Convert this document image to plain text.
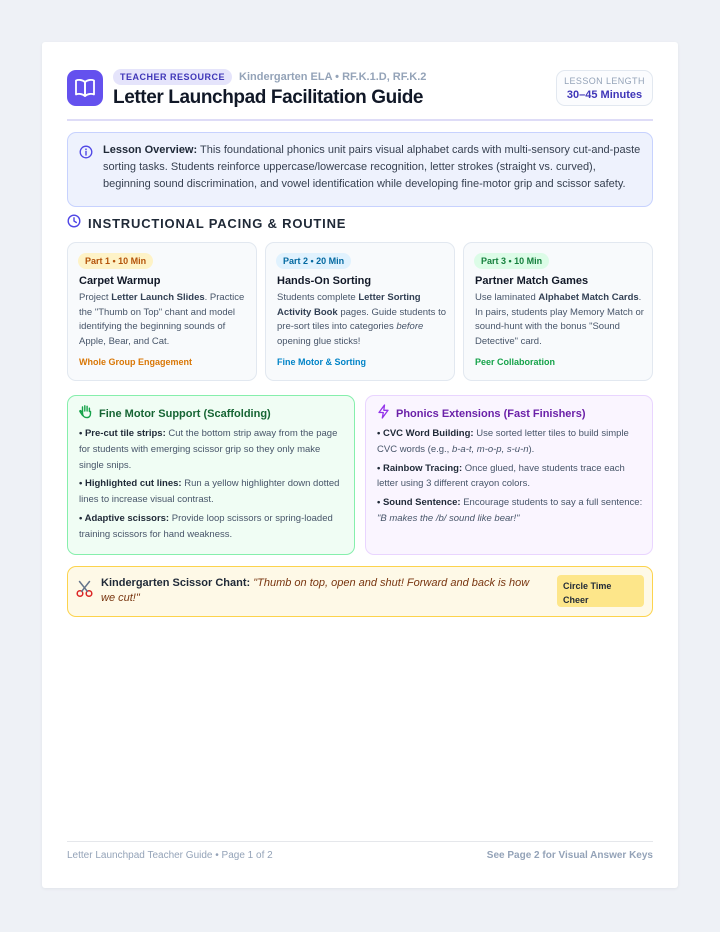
TEACHER RESOURCE	Kindergarten ELA • RF.K.1.D, RF.K.2
Letter Launchpad Facilitation Guide
LESSON LENGTH
30–45 Minutes
Lesson Overview: This foundational phonics unit pairs visual alphabet cards with multi-sensory cut-and-paste sorting tasks. Students reinforce uppercase/lowercase recognition, letter strokes (straight vs. curved), beginning sound discrimination, and vowel identification while developing fine-motor grip and scissor safety.
INSTRUCTIONAL PACING & ROUTINE
Part 1 • 10 Min
Carpet Warmup
Project Letter Launch Slides. Practice the "Thumb on Top" chant and model identifying the beginning sounds of Apple, Bear, and Cat.
Whole Group Engagement
Part 2 • 20 Min
Hands-On Sorting
Students complete Letter Sorting Activity Book pages. Guide students to pre-sort tiles into categories before opening glue sticks!
Fine Motor & Sorting
Part 3 • 10 Min
Partner Match Games
Use laminated Alphabet Match Cards. In pairs, students play Memory Match or sound-hunt with the bonus "Sound Detective" card.
Peer Collaboration
Fine Motor Support (Scaffolding)
• Pre-cut tile strips: Cut the bottom strip away from the page for students with emerging scissor grip so they only make single snips.
• Highlighted cut lines: Run a yellow highlighter down dotted lines to increase visual contrast.
• Adaptive scissors: Provide loop scissors or spring-loaded training scissors for hand weakness.
Phonics Extensions (Fast Finishers)
• CVC Word Building: Use sorted letter tiles to build simple CVC words (e.g., b-a-t, m-o-p, s-u-n).
• Rainbow Tracing: Once glued, have students trace each letter using 3 different crayon colors.
• Sound Sentence: Encourage students to say a full sentence: "B makes the /b/ sound like bear!"
Kindergarten Scissor Chant: "Thumb on top, open and shut! Forward and back is how we cut!"
Circle Time
Cheer
Letter Launchpad Teacher Guide • Page 1 of 2	See Page 2 for Visual Answer Keys
